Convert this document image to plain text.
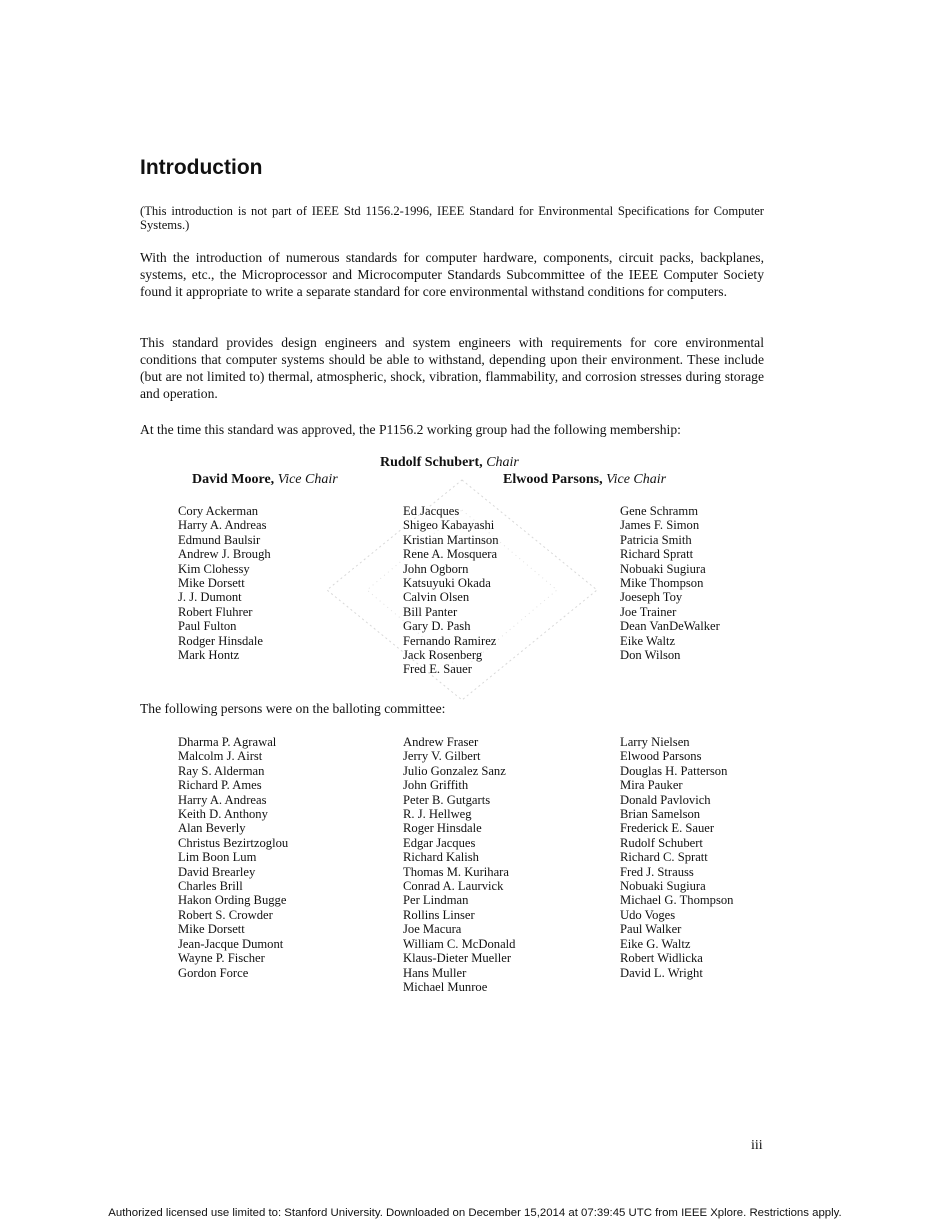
Introduction
(This introduction is not part of IEEE Std 1156.2-1996, IEEE Standard for Environmental Specifications for Computer Systems.)
With the introduction of numerous standards for computer hardware, components, circuit packs, backplanes, systems, etc., the Microprocessor and Microcomputer Standards Subcommittee of the IEEE Computer Society found it appropriate to write a separate standard for core environmental withstand conditions for computers.
This standard provides design engineers and system engineers with requirements for core environmental conditions that computer systems should be able to withstand, depending upon their environment. These include (but are not limited to) thermal, atmospheric, shock, vibration, flammability, and corrosion stresses during storage and operation.
At the time this standard was approved, the P1156.2 working group had the following membership:
Rudolf Schubert, Chair
David Moore, Vice Chair	Elwood Parsons, Vice Chair
Cory Ackerman
Harry A. Andreas
Edmund Baulsir
Andrew J. Brough
Kim Clohessy
Mike Dorsett
J. J. Dumont
Robert Fluhrer
Paul Fulton
Rodger Hinsdale
Mark Hontz
Ed Jacques
Shigeo Kabayashi
Kristian Martinson
Rene A. Mosquera
John Ogborn
Katsuyuki Okada
Calvin Olsen
Bill Panter
Gary D. Pash
Fernando Ramirez
Jack Rosenberg
Fred E. Sauer
Gene Schramm
James F. Simon
Patricia Smith
Richard Spratt
Nobuaki Sugiura
Mike Thompson
Joeseph Toy
Joe Trainer
Dean VanDeWalker
Eike Waltz
Don Wilson
The following persons were on the balloting committee:
Dharma P. Agrawal
Malcolm J. Airst
Ray S. Alderman
Richard P. Ames
Harry A. Andreas
Keith D. Anthony
Alan Beverly
Christus Bezirtzoglou
Lim Boon Lum
David Brearley
Charles Brill
Hakon Ording Bugge
Robert S. Crowder
Mike Dorsett
Jean-Jacque Dumont
Wayne P. Fischer
Gordon Force
Andrew Fraser
Jerry V. Gilbert
Julio Gonzalez Sanz
John Griffith
Peter B. Gutgarts
R. J. Hellweg
Roger Hinsdale
Edgar Jacques
Richard Kalish
Thomas M. Kurihara
Conrad A. Laurvick
Per Lindman
Rollins Linser
Joe Macura
William C. McDonald
Klaus-Dieter Mueller
Hans Muller
Michael Munroe
Larry Nielsen
Elwood Parsons
Douglas H. Patterson
Mira Pauker
Donald Pavlovich
Brian Samelson
Frederick E. Sauer
Rudolf Schubert
Richard C. Spratt
Fred J. Strauss
Nobuaki Sugiura
Michael G. Thompson
Udo Voges
Paul Walker
Eike G. Waltz
Robert Widlicka
David L. Wright
iii
Authorized licensed use limited to: Stanford University. Downloaded on December 15,2014 at 07:39:45 UTC from IEEE Xplore. Restrictions apply.
